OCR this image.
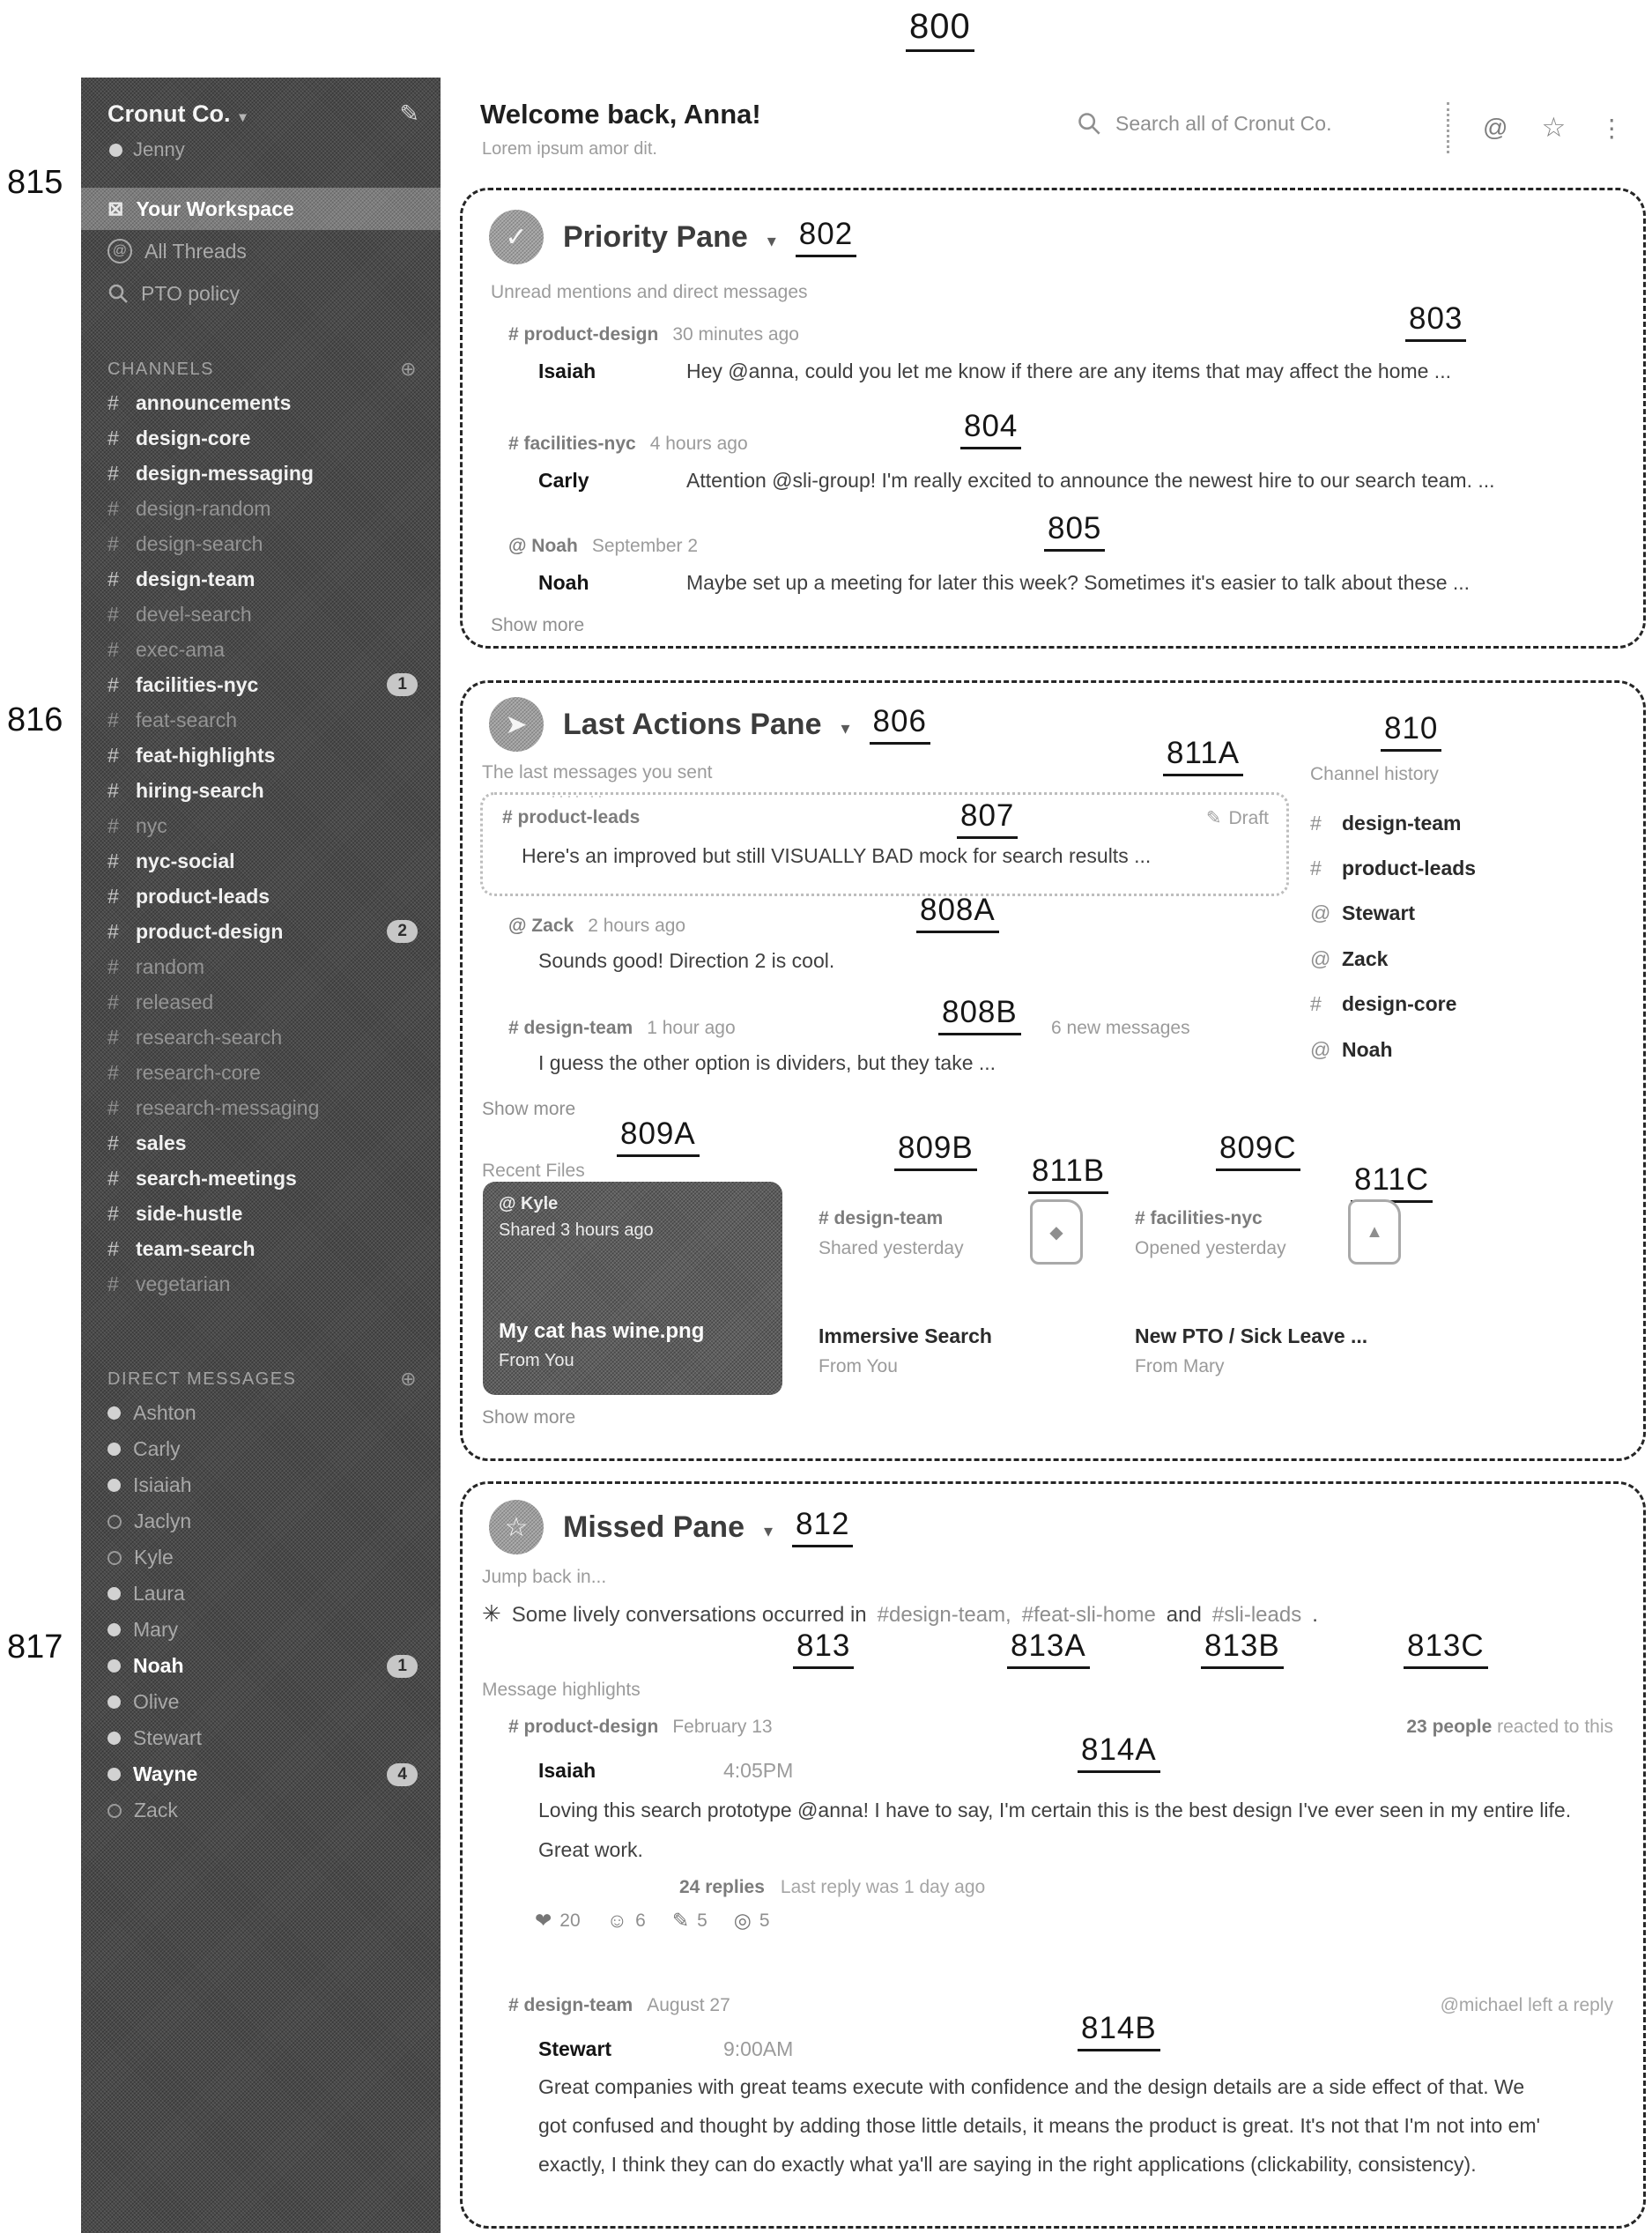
800
815
816
817
Cronut Co. ▾	✎
Jenny
⊠ Your Workspace
@ All Threads
PTO policy
CHANNELS	⊕
# announcements
# design-core
# design-messaging
# design-random
# design-search
# design-team
# devel-search
# exec-ama
# facilities-nyc	1
# feat-search
# feat-highlights
# hiring-search
# nyc
# nyc-social
# product-leads
# product-design	2
# random
# released
# research-search
# research-core
# research-messaging
# sales
# search-meetings
# side-hustle
# team-search
# vegetarian
DIRECT MESSAGES	⊕
Ashton
Carly
Isiaiah
Jaclyn
Kyle
Laura
Mary
Noah	1
Olive
Stewart
Wayne	4
Zack
Welcome back, Anna!
Lorem ipsum amor dit.
Search all of Cronut Co.	@ ☆ ⋮
✓	Priority Pane ▾ 802
Unread mentions and direct messages
# product-design 30 minutes ago	803
Isaiah	Hey @anna, could you let me know if there are any items that may affect the home ...
# facilities-nyc 4 hours ago
804
Carly	Attention @sli-group! I'm really excited to announce the newest hire to our search team. ...
@ Noah September 2
805
Noah	Maybe set up a meeting for later this week? Sometimes it's easier to talk about these ...
Show more
➤	Last Actions Pane ▾ 806
The last messages you sent
···· ··
811A
810
Channel history
#	design-team
#	product-leads
@ Stewart
@ Zack
#	design-core
@ Noah
# product-leads	807	✎ Draft
Here's an improved but still VISUALLY BAD mock for search results ...
@ Zack 2 hours ago	808A
Sounds good! Direction 2 is cool.
# design-team 1 hour ago	808B 6 new messages
I guess the other option is dividers, but they take ...
Show more
809A
Recent Files
809B
811B
809C
811C
@ Kyle
Shared 3 hours ago
My cat has wine.png
From You
# design-team
Shared yesterday
◆
Immersive Search
From You
# facilities-nyc
Opened yesterday
▲
New PTO / Sick Leave ...
From Mary
Show more
☆	Missed Pane ▾ 812
Jump back in...
✳ Some lively conversations occurred in #design-team, #feat-sli-home and #sli-leads .
813	813A	813B	813C
Message highlights
# product-design February 13	23 people reacted to this
814A
Isaiah	4:05PM
Loving this search prototype @anna! I have to say, I'm certain this is the best design I've ever seen in my entire life. Great work.
24 replies Last reply was 1 day ago
❤ 20 ☺ 6 ✎ 5 ◎ 5
# design-team August 27	@michael left a reply
814B
Stewart	9:00AM
Great companies with great teams execute with confidence and the design details are a side effect of that. We got confused and thought by adding those little details, it means the product is great. It's not that I'm not into em' exactly, I think they can do exactly what ya'll are saying in the right applications (clickability, consistency).
